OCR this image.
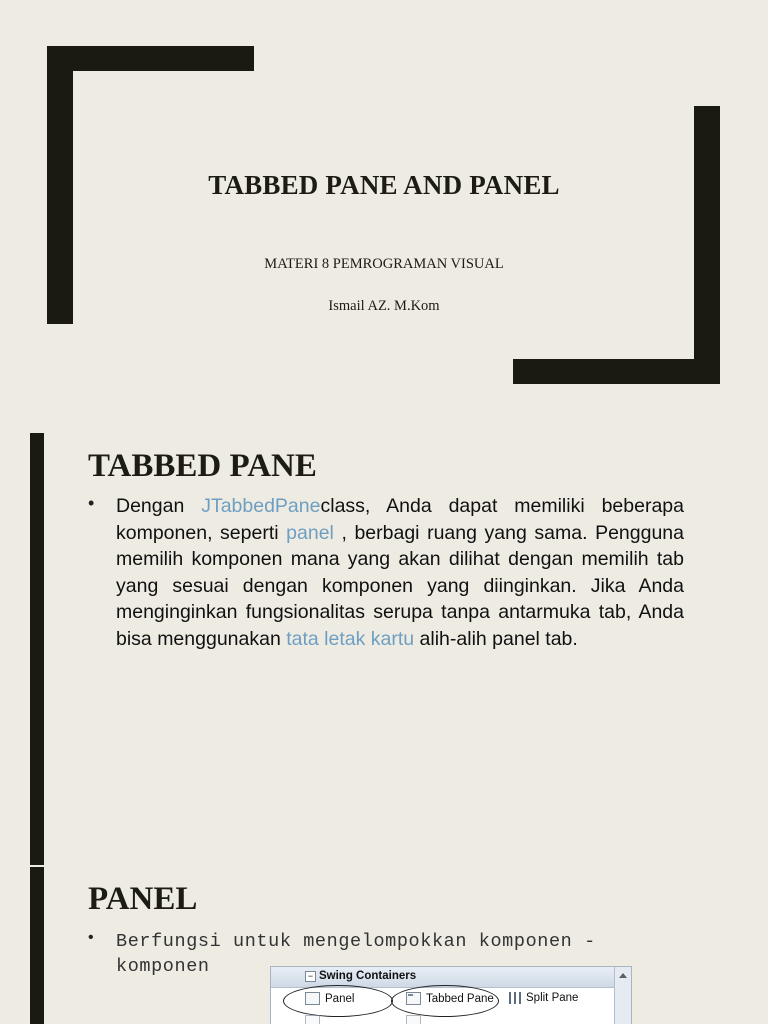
TABBED PANE AND PANEL
MATERI 8 PEMROGRAMAN VISUAL
Ismail AZ. M.Kom
TABBED PANE
•	Dengan JTabbedPaneclass, Anda dapat memiliki beberapa komponen, seperti panel , berbagi ruang yang sama. Pengguna memilih komponen mana yang akan dilihat dengan memilih tab yang sesuai dengan komponen yang diinginkan. Jika Anda menginginkan fungsionalitas serupa tanpa antarmuka tab, Anda bisa menggunakan tata letak kartu alih-alih panel tab.

PANEL
•	Berfungsi untuk mengelompokkan komponen - komponen	− Swing Containers
Panel	Tabbed Pane	Split Pane
